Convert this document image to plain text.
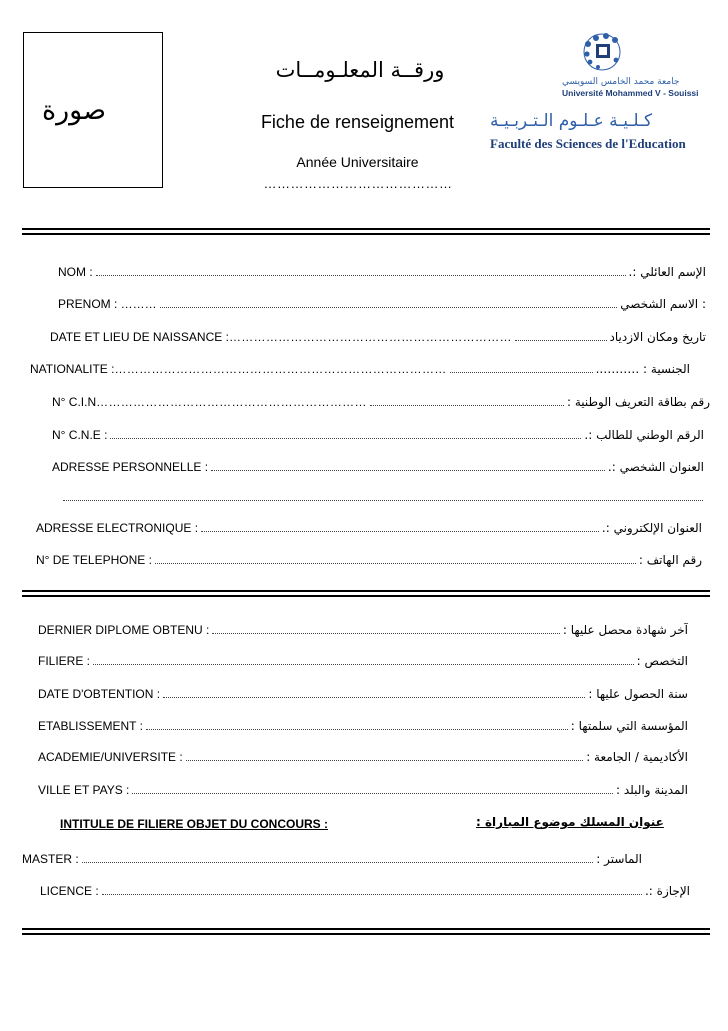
صورة
ورقــة المعلـومــات
Fiche de renseignement
Année Universitaire
……………………………………
جامعة محمد الخامس السويسي
Université Mohammed V - Souissi
كـلـيـة عـلـوم الـتـربـيـة
Faculté des Sciences de l'Education
NOM :	الإسم العائلي :.
PRENOM : ………	: الاسم الشخصي
DATE ET LIEU DE NAISSANCE : ……………………………………………………………	تاريخ ومكان الازدياد
NATIONALITE : ………………………………………………………………………	الجنسية : ………..
N° C.I.N …………………………………………………………	رقم بطاقة التعريف الوطنية :
N° C.N.E :	الرقم الوطني للطالب :.
ADRESSE PERSONNELLE :	العنوان الشخصي :.
ADRESSE ELECTRONIQUE :	العنوان الإلكتروني :.
N° DE TELEPHONE :	رقم الهاتف :
DERNIER DIPLOME OBTENU :	آخر شهادة محصل عليها :
FILIERE :	التخصص :
DATE D'OBTENTION :	سنة الحصول عليها :
ETABLISSEMENT :	المؤسسة التي سلمتها :
ACADEMIE/UNIVERSITE :	الأكاديمية / الجامعة :
VILLE ET PAYS :	المدينة والبلد :
INTITULE DE FILIERE OBJET DU CONCOURS :	عنوان المسلك موضوع المباراة :
MASTER :	الماستر :
LICENCE :	الإجازة :.
